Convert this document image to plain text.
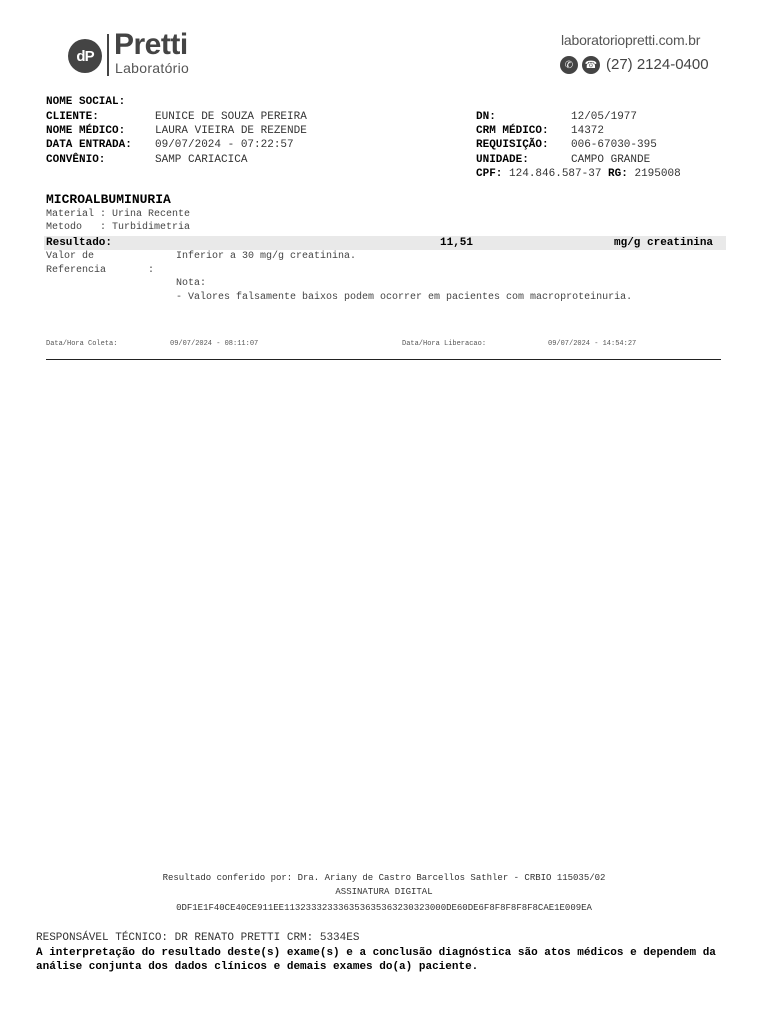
dP Pretti
Laboratório
laboratoriopretti.com.br
✆	☎ (27) 2124-0400
NOME SOCIAL:
CLIENTE:	EUNICE DE SOUZA PEREIRA
NOME MÉDICO:	LAURA VIEIRA DE REZENDE
DATA ENTRADA: 09/07/2024 - 07:22:57
CONVÊNIO:	SAMP CARIACICA
DN:	12/05/1977
CRM MÉDICO: 14372
REQUISIÇÃO: 006-67030-395
UNIDADE:	CAMPO GRANDE
CPF: 124.846.587-37 RG: 2195008
MICROALBUMINURIA
Material : Urina Recente
Metodo   : Turbidimetria
Resultado:	11,51	mg/g creatinina
Valor de
Referencia	:
Inferior a 30 mg/g creatinina.
Nota:
- Valores falsamente baixos podem ocorrer em pacientes com macroproteinuria.
Data/Hora Coleta:	09/07/2024 - 08:11:07	Data/Hora Liberacao:	09/07/2024 - 14:54:27
Resultado conferido por: Dra. Ariany de Castro Barcellos Sathler - CRBIO 115035/02
ASSINATURA DIGITAL
0DF1E1F40CE40CE911EE113233323336353635363230323000DE60DE6F8F8F8F8F8CAE1E009EA
RESPONSÁVEL TÉCNICO: DR RENATO PRETTI CRM: 5334ES
A interpretação do resultado deste(s) exame(s) e a conclusão diagnóstica são atos médicos e dependem da análise conjunta dos dados clínicos e demais exames do(a) paciente.
